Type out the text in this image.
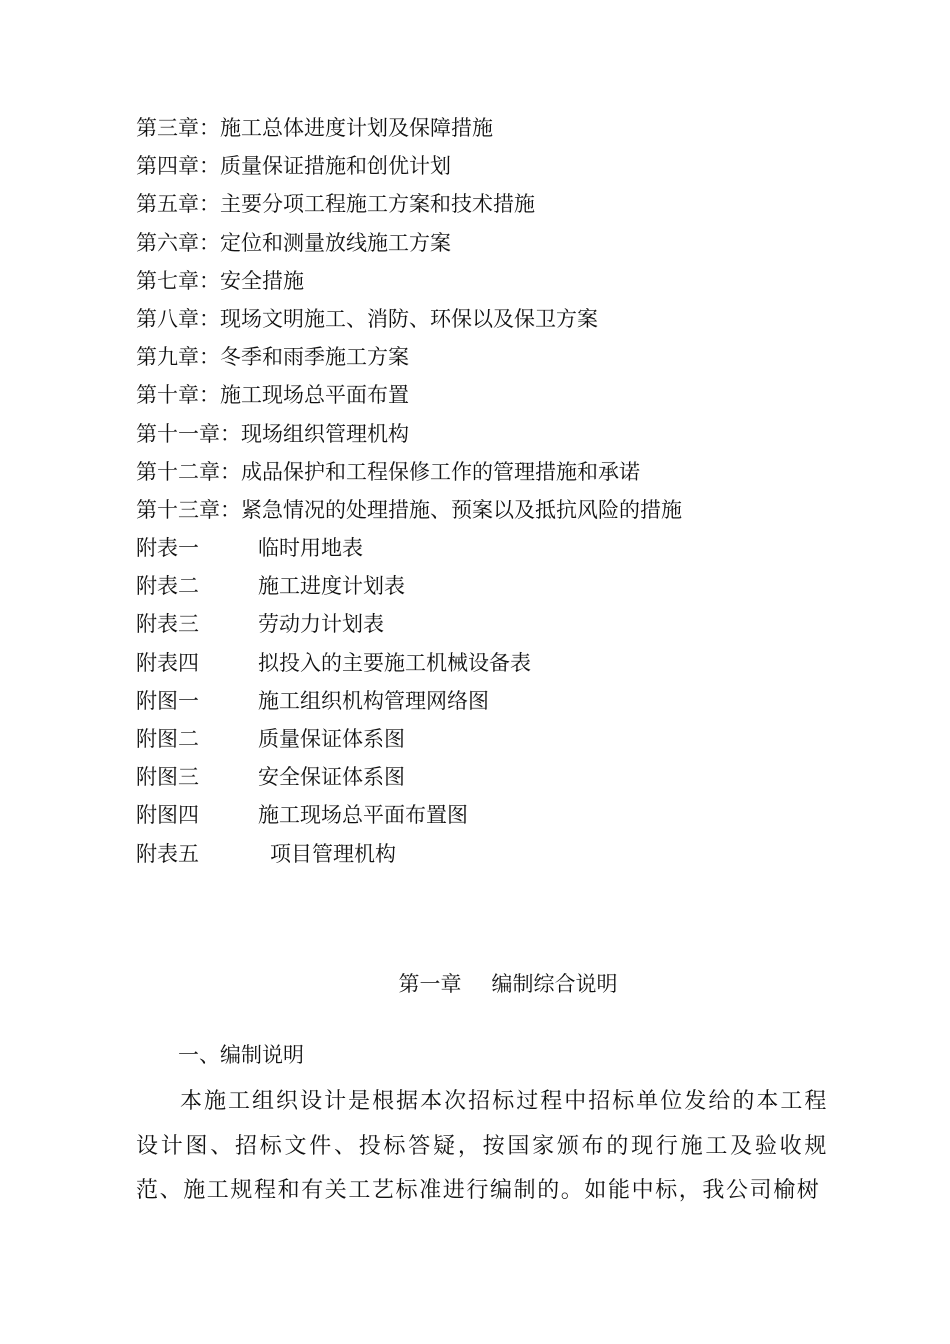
第三章：施工总体进度计划及保障措施
第四章：质量保证措施和创优计划
第五章：主要分项工程施工方案和技术措施
第六章：定位和测量放线施工方案
第七章：安全措施
第八章：现场文明施工、消防、环保以及保卫方案
第九章：冬季和雨季施工方案
第十章：施工现场总平面布置
第十一章：现场组织管理机构
第十二章：成品保护和工程保修工作的管理措施和承诺
第十三章：紧急情况的处理措施、预案以及抵抗风险的措施
附表一	临时用地表
附表二	施工进度计划表
附表三	劳动力计划表
附表四	拟投入的主要施工机械设备表
附图一	施工组织机构管理网络图
附图二	质量保证体系图
附图三	安全保证体系图
附图四	施工现场总平面布置图
附表五	项目管理机构
第一章 编制综合说明
一、编制说明
本施工组织设计是根据本次招标过程中招标单位发给的本工程设计图、招标文件、投标答疑，按国家颁布的现行施工及验收规范、施工规程和有关工艺标准进行编制的。如能中标，我公司榆树
